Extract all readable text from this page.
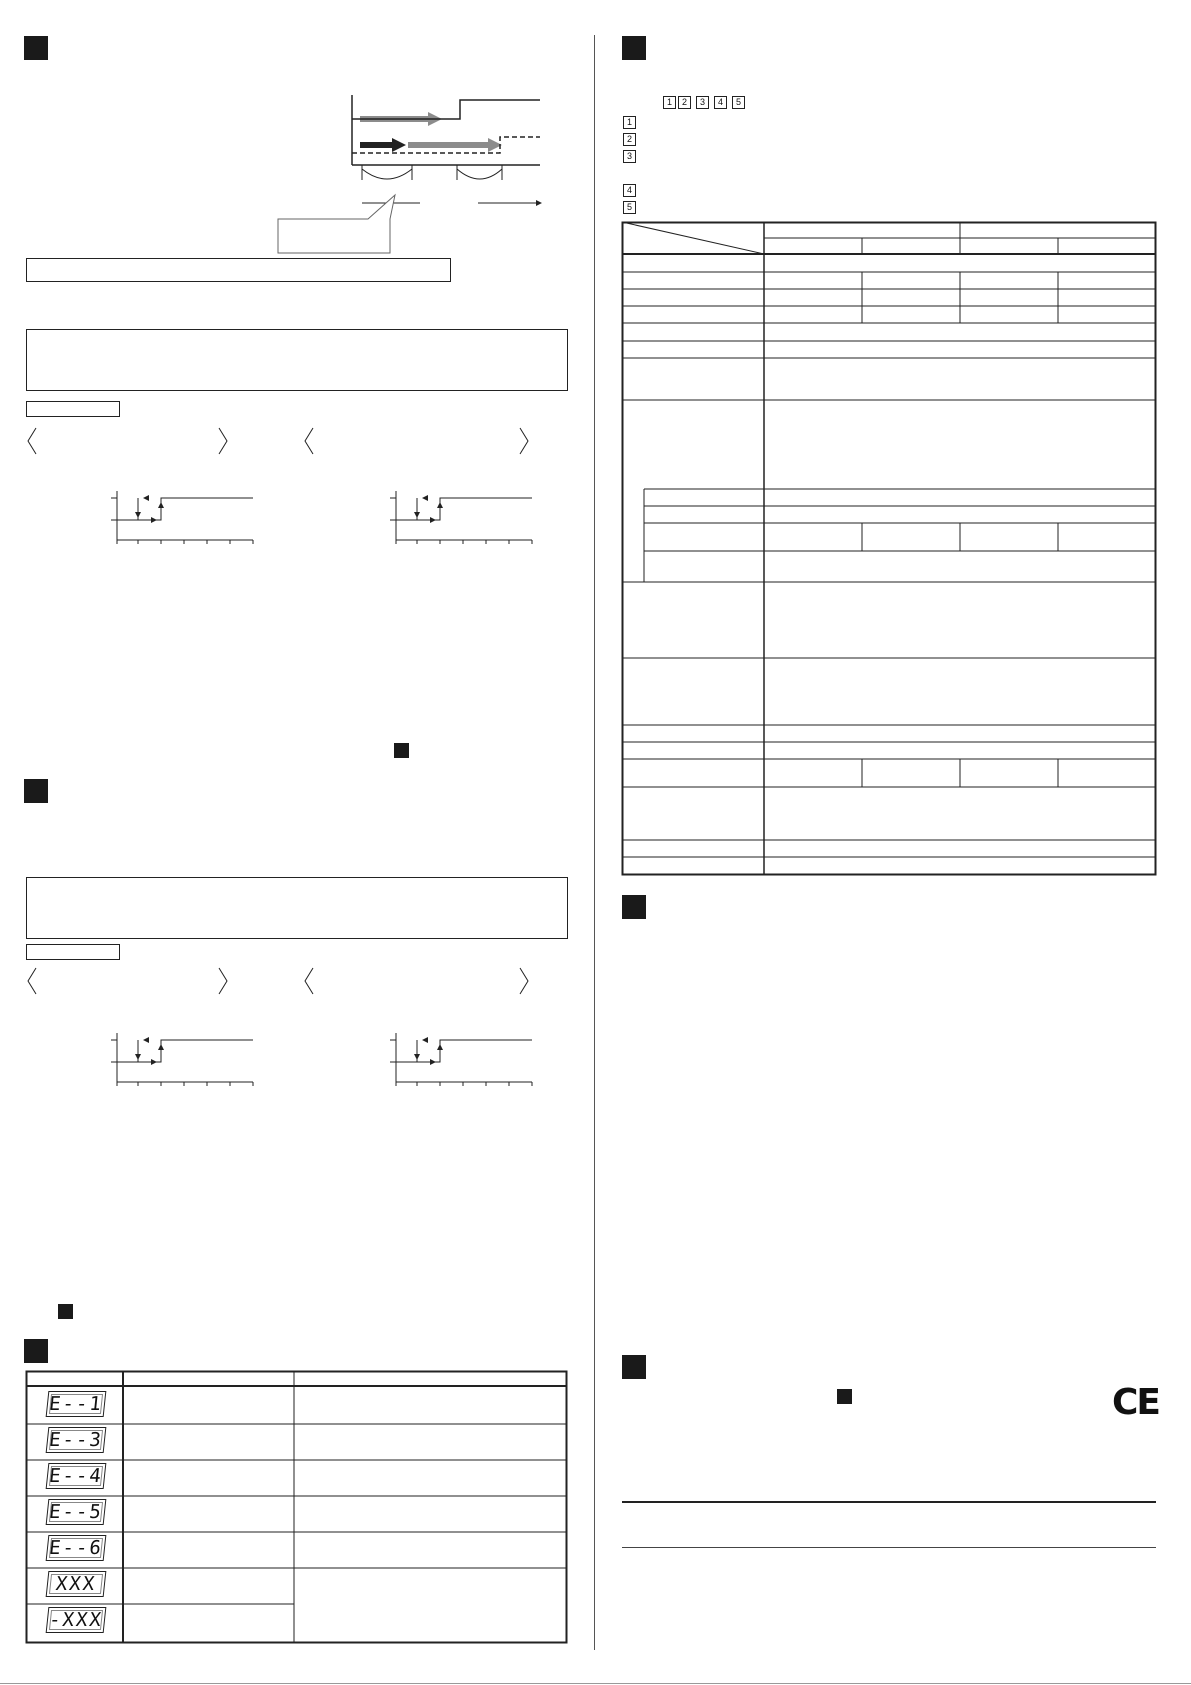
E--1
E--3
E--4
E--5
E--6
XXX
-XXX
1	2	3	4	5
1
2
3
4
5
CE
